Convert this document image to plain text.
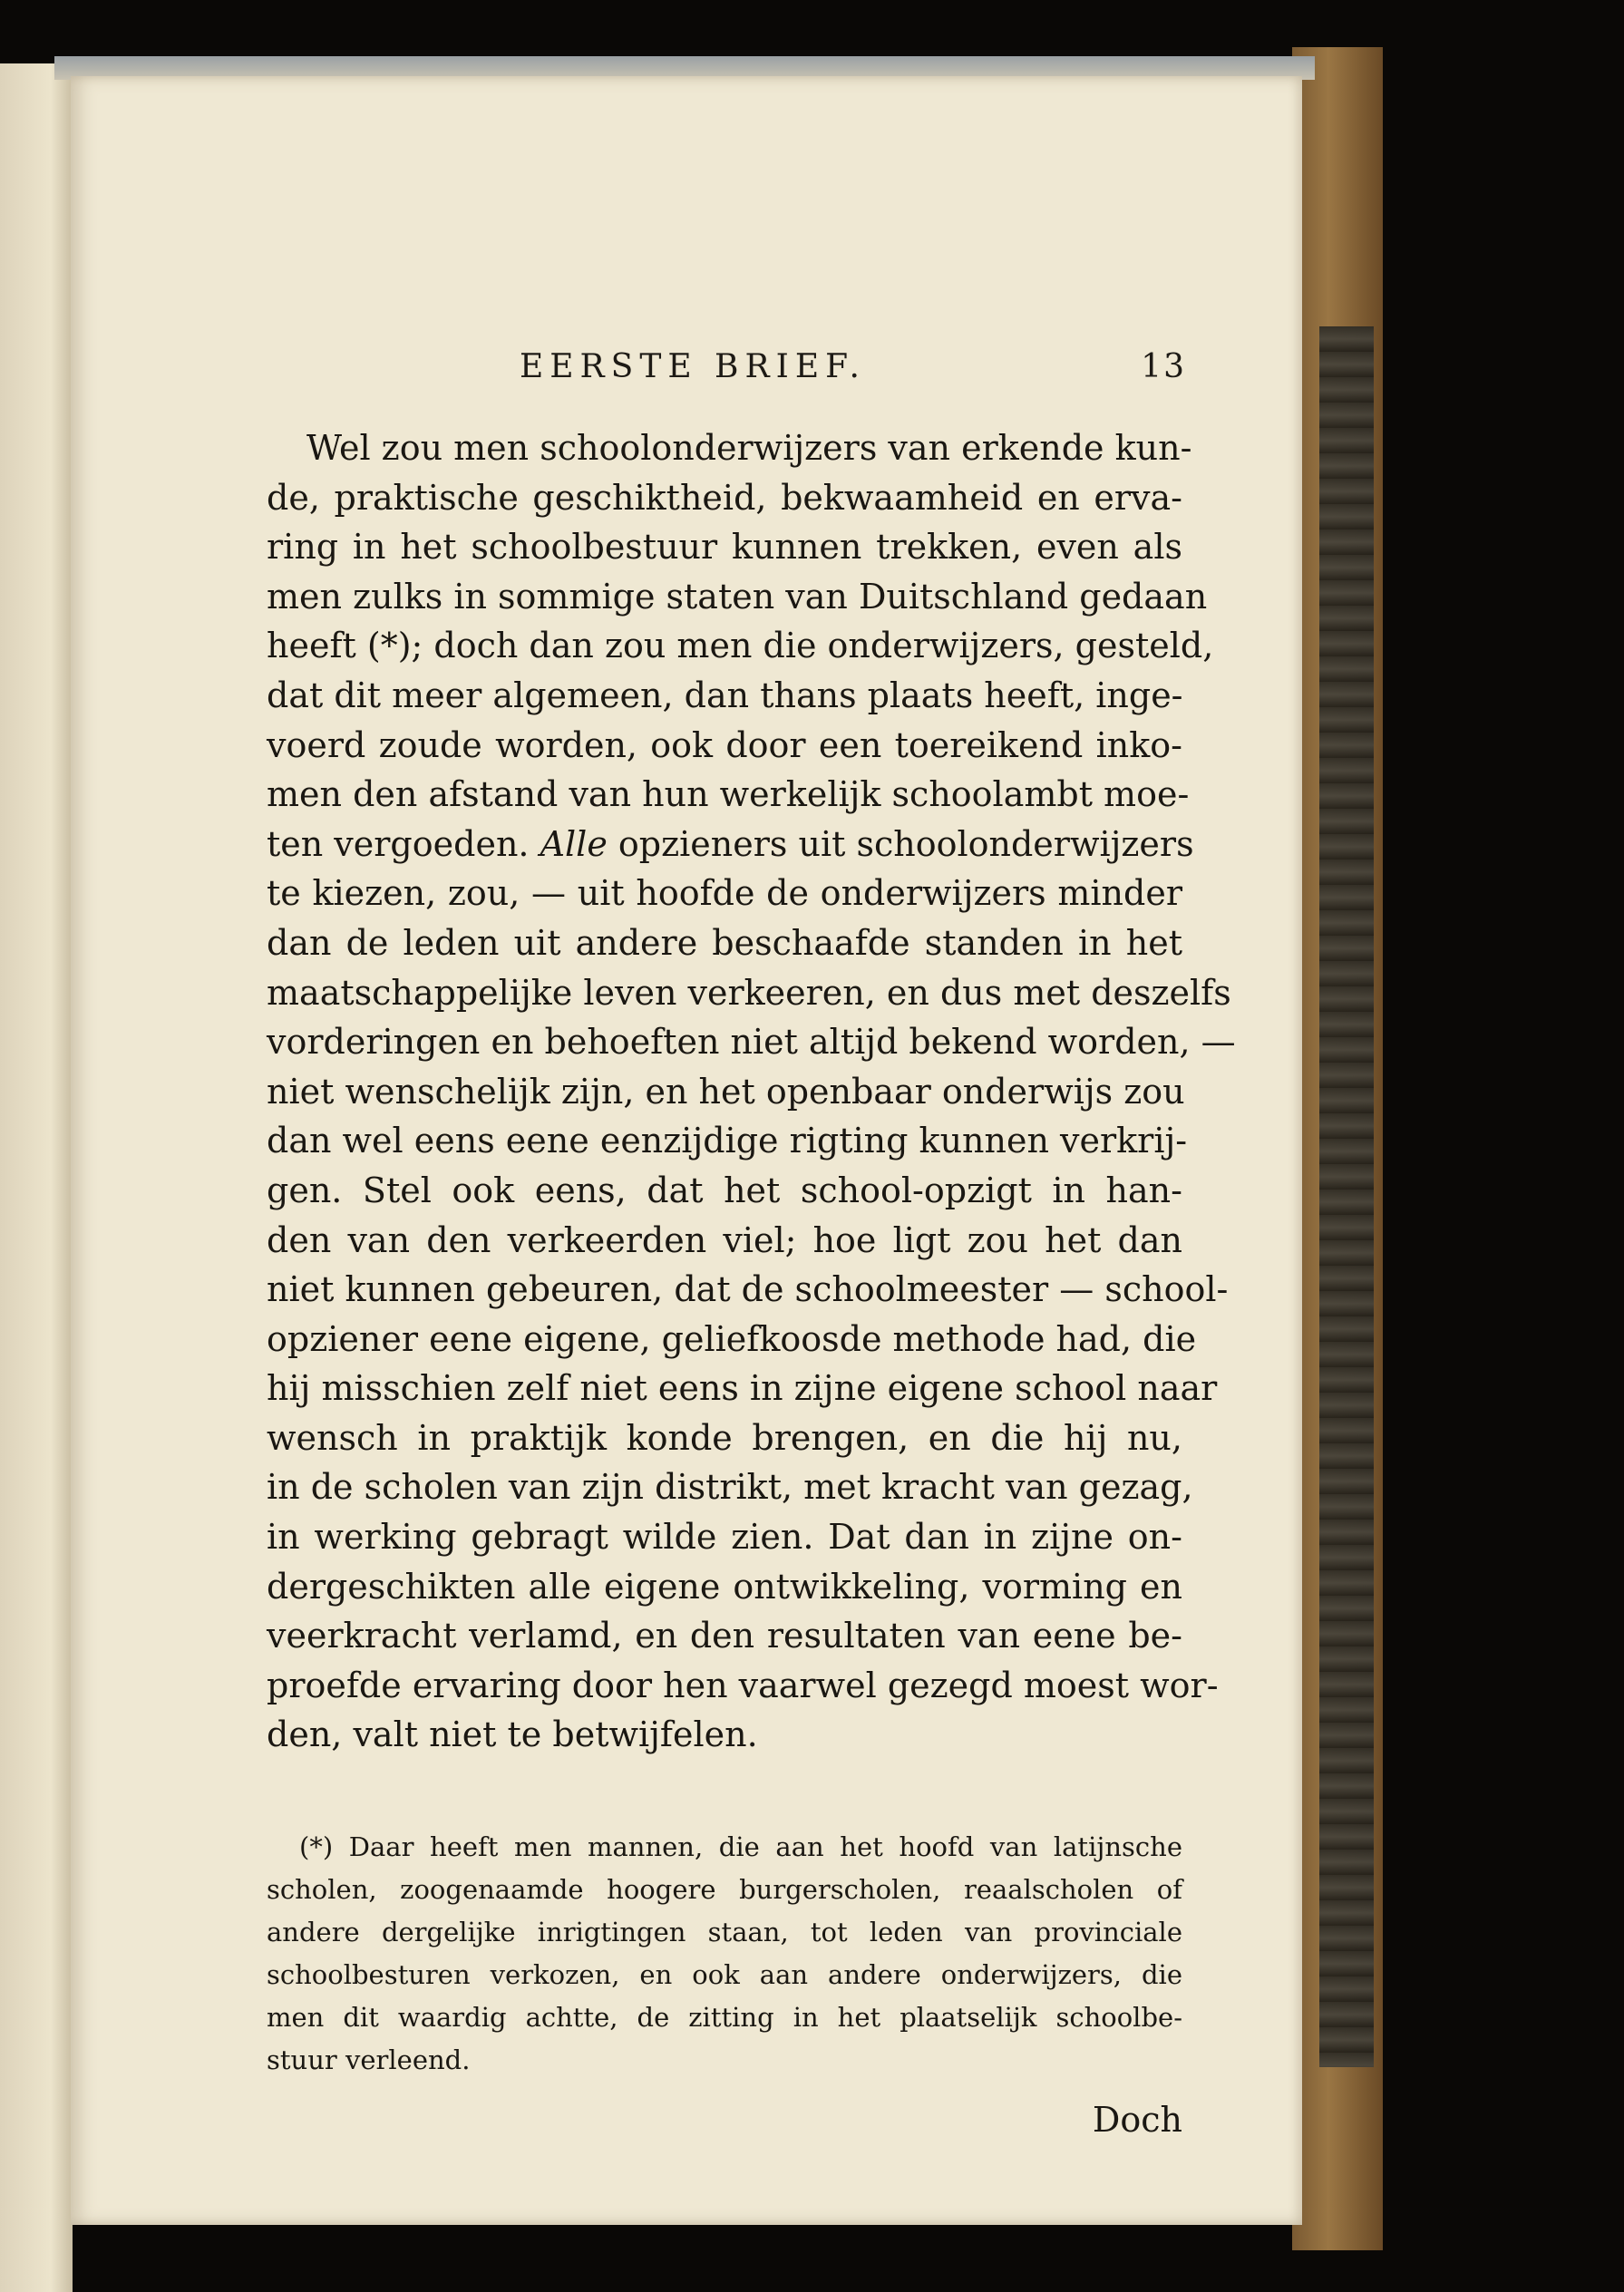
EERSTE BRIEF.	13
Wel zou men schoolonderwijzers van erkende kun-
de, praktische geschiktheid, bekwaamheid en erva-
ring in het schoolbestuur kunnen trekken, even als
men zulks in sommige staten van Duitschland gedaan
heeft (*); doch dan zou men die onderwijzers, gesteld,
dat dit meer algemeen, dan thans plaats heeft, inge-
voerd zoude worden, ook door een toereikend inko-
men den afstand van hun werkelijk schoolambt moe-
ten vergoeden. Alle opzieners uit schoolonderwijzers
te kiezen, zou, — uit hoofde de onderwijzers minder
dan de leden uit andere beschaafde standen in het
maatschappelijke leven verkeeren, en dus met deszelfs
vorderingen en behoeften niet altijd bekend worden, —
niet wenschelijk zijn, en het openbaar onderwijs zou
dan wel eens eene eenzijdige rigting kunnen verkrij-
gen. Stel ook eens, dat het school-opzigt in han-
den van den verkeerden viel; hoe ligt zou het dan
niet kunnen gebeuren, dat de schoolmeester — school-
opziener eene eigene, geliefkoosde methode had, die
hij misschien zelf niet eens in zijne eigene school naar
wensch in praktijk konde brengen, en die hij nu,
in de scholen van zijn distrikt, met kracht van gezag,
in werking gebragt wilde zien. Dat dan in zijne on-
dergeschikten alle eigene ontwikkeling, vorming en
veerkracht verlamd, en den resultaten van eene be-
proefde ervaring door hen vaarwel gezegd moest wor-
den, valt niet te betwijfelen.
Doch
(*) Daar heeft men mannen, die aan het hoofd van latijnsche
scholen, zoogenaamde hoogere burgerscholen, reaalscholen of
andere dergelijke inrigtingen staan, tot leden van provinciale
schoolbesturen verkozen, en ook aan andere onderwijzers, die
men dit waardig achtte, de zitting in het plaatselijk schoolbe-
stuur verleend.
